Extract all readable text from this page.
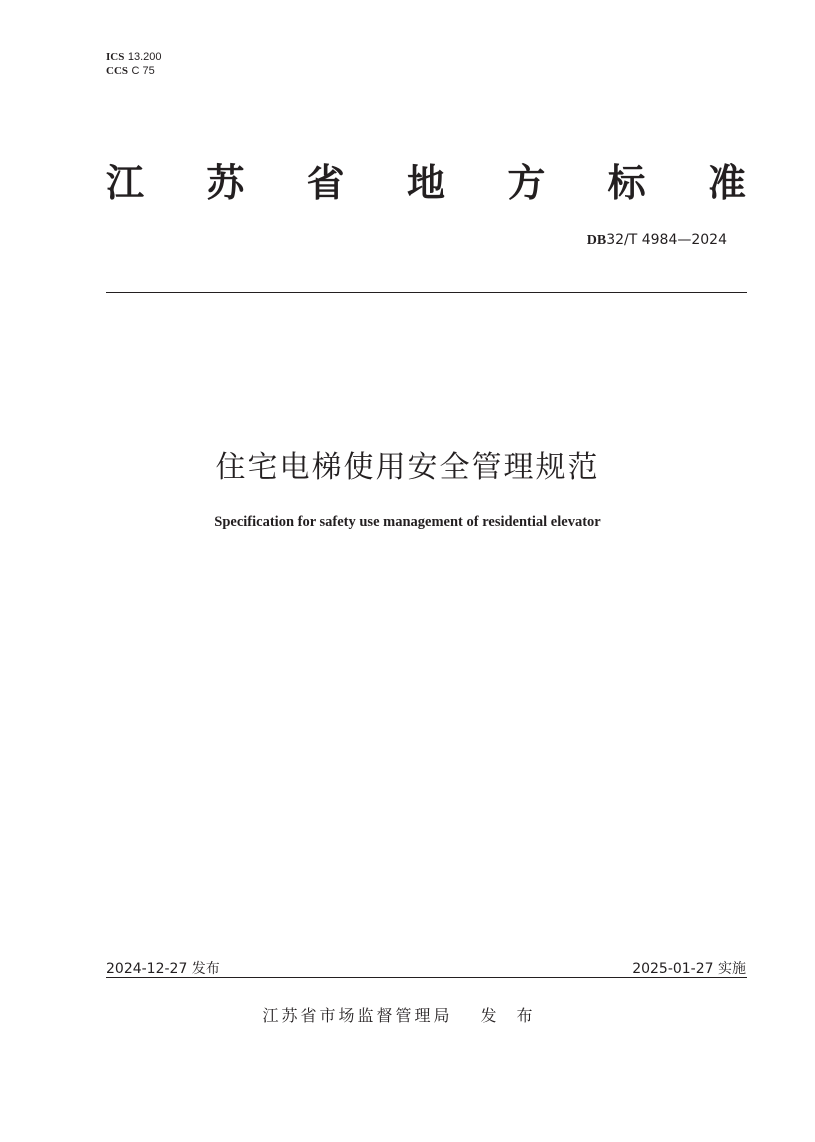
ICS 13.200
CCS C 75
江 苏 省 地 方 标 准
DB32/T 4984—2024
住宅电梯使用安全管理规范
Specification for safety use management of residential elevator
2024-12-27 发布	2025-01-27 实施
江苏省市场监督管理局 发布
